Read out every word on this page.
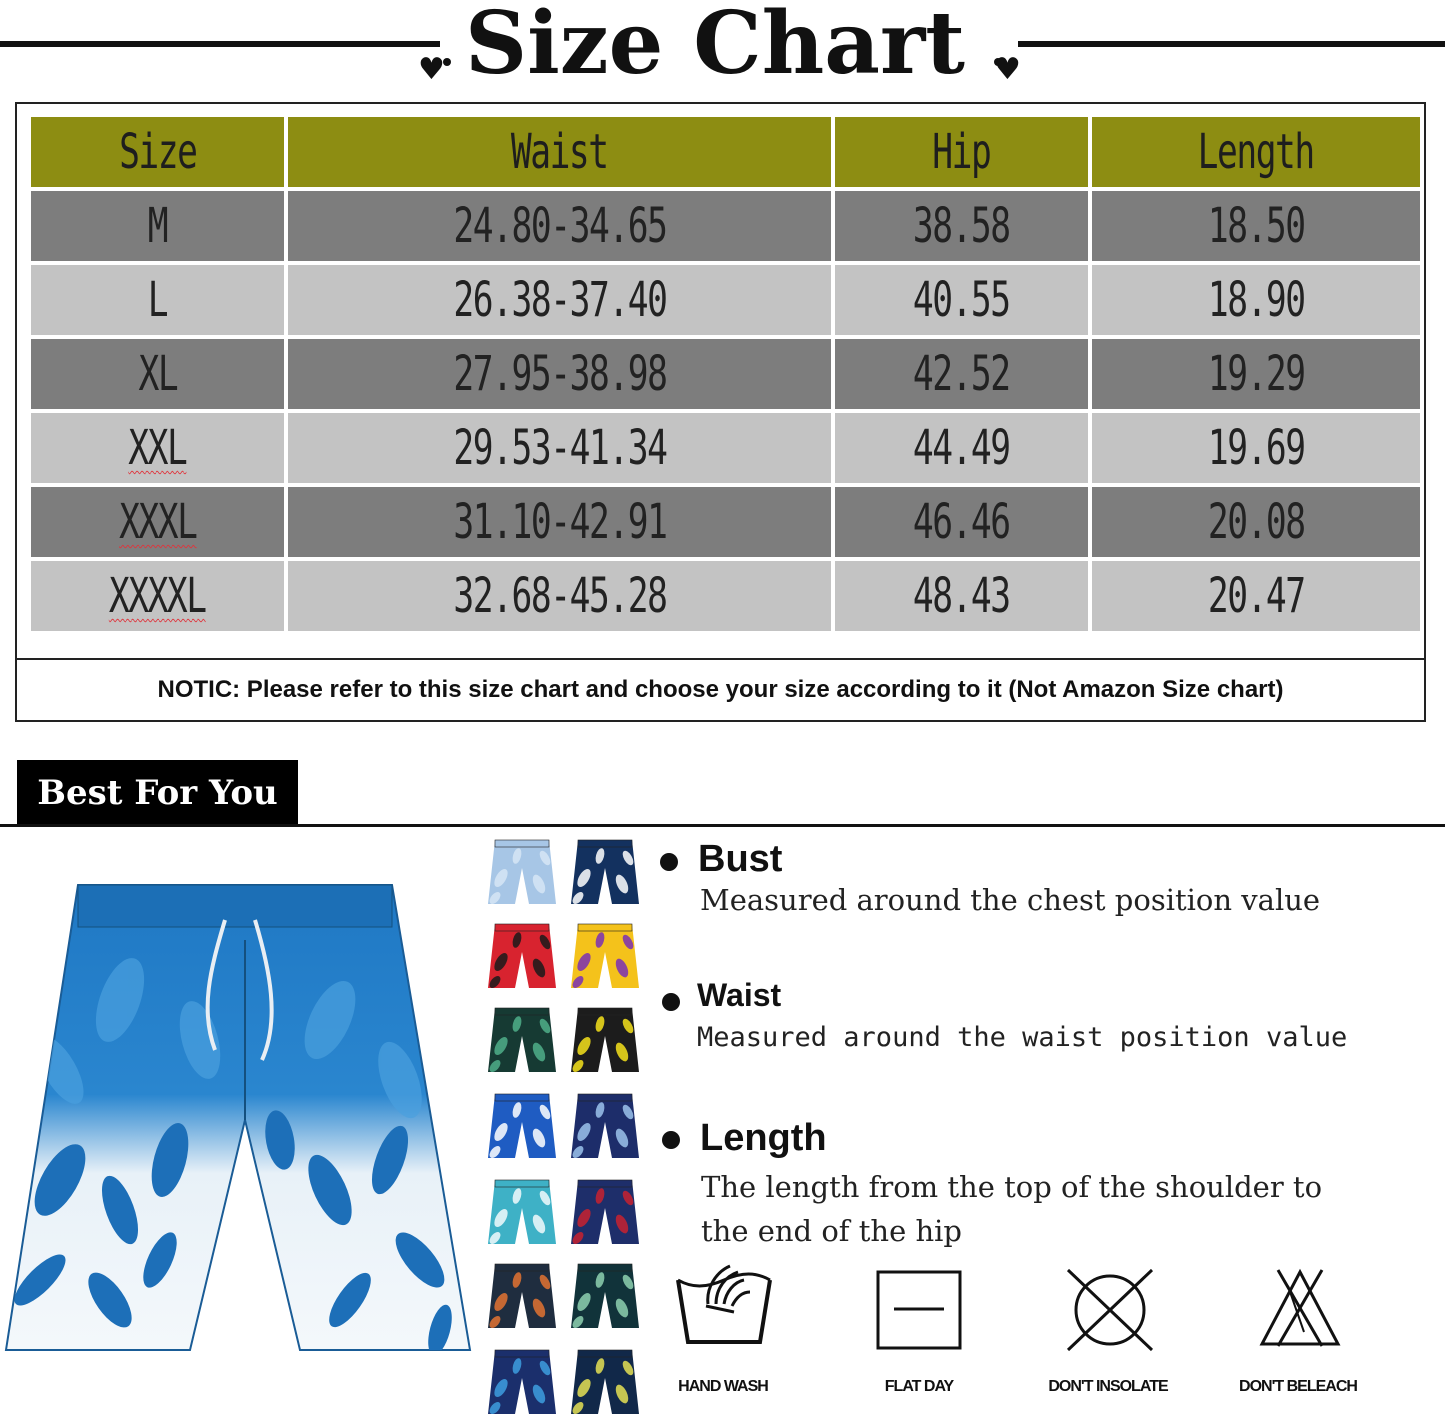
♥	♥
Size Chart
Size	Waist	Hip	Length
M	24.80-34.65	38.58	18.50
L	26.38-37.40	40.55	18.90
XL	27.95-38.98	42.52	19.29
XXL	29.53-41.34	44.49	19.69
XXXL	31.10-42.91	46.46	20.08
XXXXL	32.68-45.28	48.43	20.47
NOTIC: Please refer to this size chart and choose your size according to it (Not Amazon Size chart)
Best For You
Bust
Measured around the chest position value
Waist
Measured around the waist position value
Length
The length from the top of the shoulder to
the end of the hip
HAND WASH	FLAT DAY	DON'T INSOLATE	DON'T BELEACH
